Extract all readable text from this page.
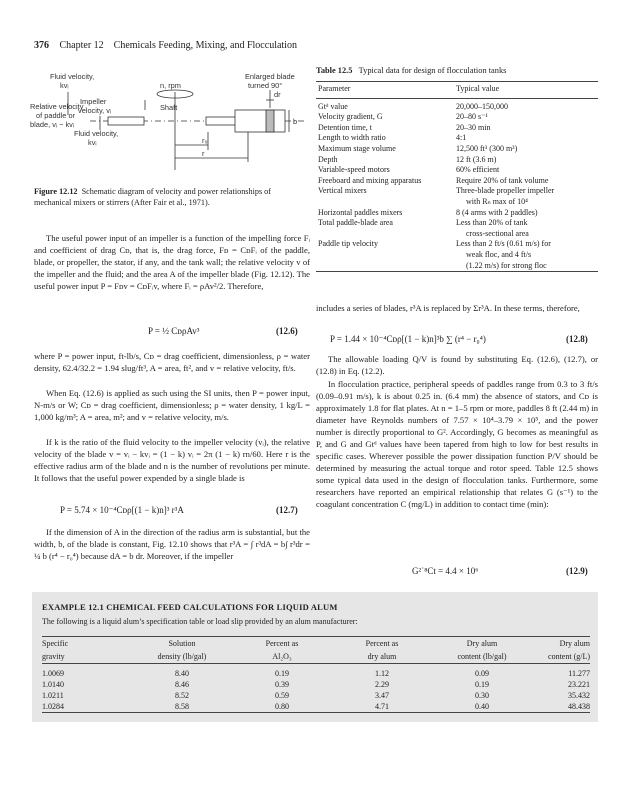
376 Chapter 12 Chemicals Feeding, Mixing, and Flocculation
Fluid velocity,
kvᵢ
Impeller
velocity, vᵢ
Relative velocity
of paddle or
blade, vᵢ − kvᵢ
n, rpm
Shaft
Enlarged blade
turned 90°
dr
b
Fluid velocity,
kvᵢ	r₀
r
Figure 12.12 Schematic diagram of velocity and power relationships of mechanical mixers or stirrers (After Fair et al., 1971).

The useful power input of an impeller is a function of the impelling force Fᵢ and coefficient of drag Cᴅ, that is, the drag force, Fᴅ = CᴅFᵢ of the paddle, blade, or propeller, the stator, if any, and the tank wall; the relative velocity v of the impeller and the fluid; and the area A of the impeller blade (Fig. 12.12). The useful power input P = Fᴅv = CᴅFᵢv, where Fᵢ = ρAv²/2. Therefore,

P = ½ CᴅρAv³	(12.6)

where P = power input, ft-lb/s, Cᴅ = drag coefficient, dimensionless, ρ = water density, 62.4/32.2 = 1.94 slug/ft³, A = area, ft², and v = relative velocity, ft/s.

When Eq. (12.6) is applied as such using the SI units, then P = power input, N-m/s or W; Cᴅ = drag coefficient, dimensionless; ρ = water density, 1 kg/L = 1,000 kg/m³; A = area, m²; and v = relative velocity, m/s.

If k is the ratio of the fluid velocity to the impeller velocity (vᵢ), the relative velocity of the blade v = vᵢ − kvᵢ = (1 − k) vᵢ = 2π (1 − k) rn/60. Here r is the effective radius arm of the blade and n is the number of revolutions per minute. It follows that the useful power expended by a single blade is

P = 5.74 × 10⁻⁴Cᴅρ[(1 − k)n]³ r³A	(12.7)

If the dimension of A in the direction of the radius arm is substantial, but the width, b, of the blade is constant, Fig. 12.10 shows that r³A = ∫ r³dA = b∫ r³dr = ¼ b (r⁴ − r₀⁴) because dA = b dr. Moreover, if the impeller

Table 12.5 Typical data for design of flocculation tanks
Parameter	Typical value
Gtᵈ value	20,000–150,000
Velocity gradient, G	20–80 s⁻¹
Detention time, t	20–30 min
Length to width ratio	4:1
Maximum stage volume	12,500 ft³ (300 m³)
Depth	12 ft (3.6 m)
Variable-speed motors	60% efficient
Freeboard and mixing apparatus	Require 20% of tank volume
Vertical mixers	Three-blade propeller impeller
	with Rₙ max of 10⁴
Horizontal paddles mixers	8 (4 arms with 2 paddles)
Total paddle-blade area	Less than 20% of tank
	cross-sectional area
Paddle tip velocity	Less than 2 ft/s (0.61 m/s) for
	weak floc, and 4 ft/s
	(1.22 m/s) for strong floc

includes a series of blades, r³A is replaced by Σr³A. In these terms, therefore,

P = 1.44 × 10⁻⁴Cᴅρ[(1 − k)n]³b ∑ (r⁴ − r₀⁴)	(12.8)

The allowable loading Q/V is found by substituting Eq. (12.6), (12.7), or (12.8) in Eq. (12.2).

In flocculation practice, peripheral speeds of paddles range from 0.3 to 3 ft/s (0.09–0.91 m/s), k is about 0.25 in. (6.4 mm) the absence of stators, and Cᴅ is approximately 1.8 for flat plates. At n = 1–5 rpm or more, paddles 8 ft (2.44 m) in diameter have Reynolds numbers of 7.57 × 10⁴–3.79 × 10⁵, and the power number is directly proportional to G². Accordingly, G becomes as meaningful as P, and G and Gtᵈ values have been tapered from high to low for best results in specific cases. Wherever possible the power dissipation function P/V should be determined by measuring the actual torque and rotor speed. Table 12.5 shows some typical data used in the design of flocculation tanks. Furthermore, some researchers have reported an empirical relationship that relates G (s⁻¹) to the coagulant concentration C (mg/L) in addition to contact time (min):

G²˙⁸Ct = 4.4 × 10⁶	(12.9)
EXAMPLE 12.1 CHEMICAL FEED CALCULATIONS FOR LIQUID ALUM
The following is a liquid alum’s specification table or load slip provided by an alum manufacturer:
Specific	Solution	Percent as	Percent as	Dry alum	Dry alum
gravity	density (lb/gal)	Al₂O₃	dry alum	content (lb/gal)	content (g/L)
1.0069	8.40	0.19	1.12	0.09	11.277
1.0140	8.46	0.39	2.29	0.19	23.221
1.0211	8.52	0.59	3.47	0.30	35.432
1.0284	8.58	0.80	4.71	0.40	48.438
